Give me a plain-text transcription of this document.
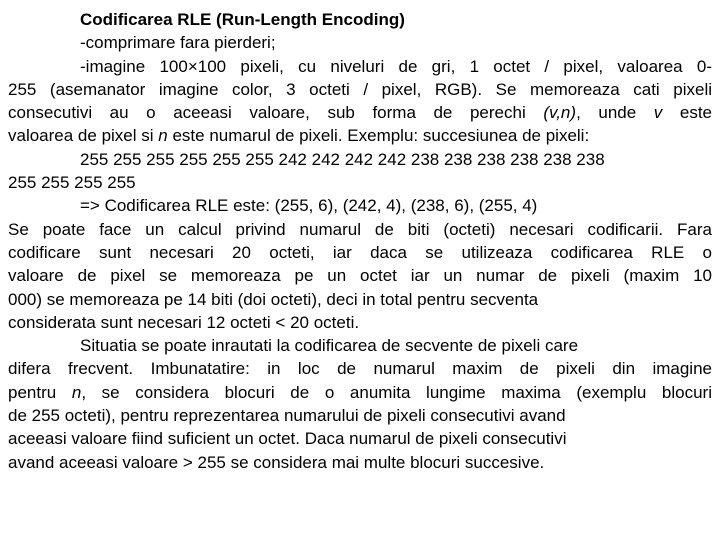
Codificarea RLE (Run-Length Encoding)
-comprimare fara pierderi;
-imagine 100×100 pixeli, cu niveluri de gri, 1 octet / pixel, valoarea 0-
255 (asemanator imagine color, 3 octeti / pixel, RGB). Se memoreaza cati pixeli
consecutivi au o aceeasi valoare, sub forma de perechi (v,n), unde v este
valoarea de pixel si n este numarul de pixeli. Exemplu: succesiunea de pixeli:
255 255 255 255 255 255 242 242 242 242 238 238 238 238 238 238
255 255 255 255
=> Codificarea RLE este: (255, 6), (242, 4), (238, 6), (255, 4)
Se poate face un calcul privind numarul de biti (octeti) necesari codificarii. Fara
codificare sunt necesari 20 octeti, iar daca se utilizeaza codificarea RLE o
valoare de pixel se memoreaza pe un octet iar un numar de pixeli (maxim 10
000) se memoreaza pe 14 biti (doi octeti), deci in total pentru secventa
considerata sunt necesari 12 octeti < 20 octeti.
Situatia se poate inrautati la codificarea de secvente de pixeli care
difera frecvent. Imbunatatire: in loc de numarul maxim de pixeli din imagine
pentru n, se considera blocuri de o anumita lungime maxima (exemplu blocuri
de 255 octeti), pentru reprezentarea numarului de pixeli consecutivi avand
aceeasi valoare fiind suficient un octet. Daca numarul de pixeli consecutivi
avand aceeasi valoare > 255 se considera mai multe blocuri succesive.
